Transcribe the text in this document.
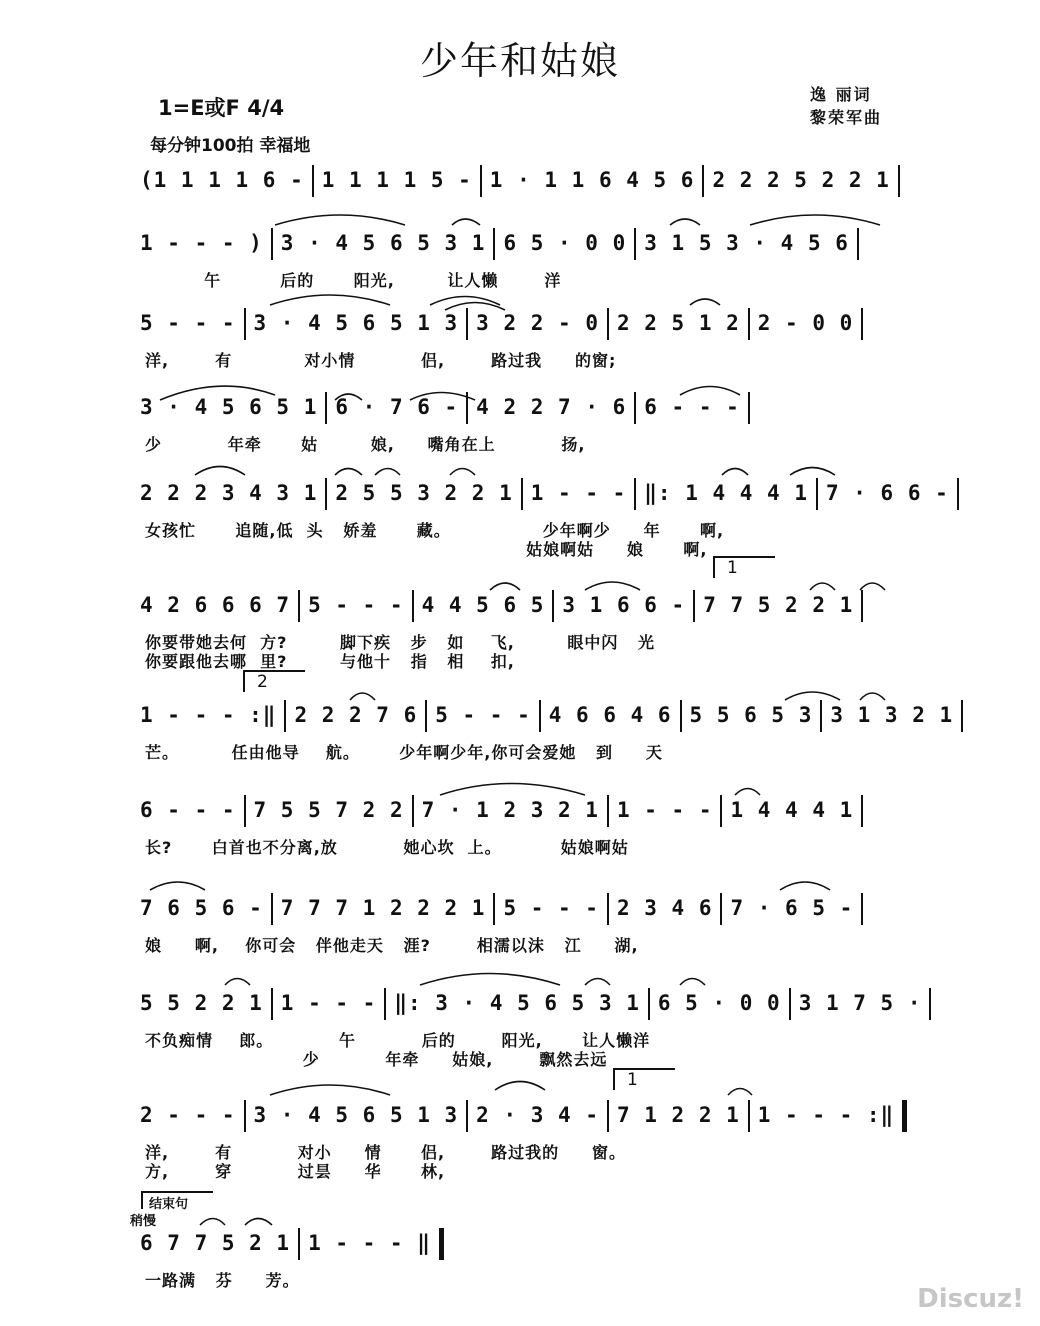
少年和姑娘
1=E或F 4/4
每分钟100拍 幸福地
逸 丽词
黎荣军曲
(1 1 1 1 6 - 1 1 1 1 5 - 1 · 1 1 6 4 5 6 2 2 2 5 2 2 1
1 - - - ) 3 · 4 5 6 5 3 1 6 5 · 0 0 3 1 5 3 · 4 5 6
午         后的      阳光,        让人懒       洋
5 - - - 3 · 4 5 6 5 1 3 3 2 2 - 0 2 2 5 1 2 2 - 0 0
洋,       有           对小情          侣,       路过我     的窗;
3 · 4 5 6 5 1 6 · 7 6 - 4 2 2 7 · 6 6 - - -
少          年牵      姑        娘,     嘴角在上          扬,
2 2 2 3 4 3 1 2 5 5 3 2 2 1 1 - - - ‖: 1 4 4 4 1 7 · 6 6 -
女孩忙      追随,低  头   娇羞      藏。              少年啊少     年      啊,
姑娘啊姑     娘      啊,
4 2 6 6 6 7 5 - - - 4 4 5 6 5 3 1 6 6 - 7 7 5 2 2 1
你要带她去何  方?        脚下疾   步   如    飞,        眼中闪   光
你要跟他去哪  里?        与他十   指   相    扣,
1 - - - :‖ 2 2 2 7 6 5 - - - 4 6 6 4 6 5 5 6 5 3 3 1 3 2 1
芒。        任由他导    航。      少年啊少年,你可会爱她   到     天
6 - - - 7 5 5 7 2 2 7 · 1 2 3 2 1 1 - - - 1 4 4 4 1
长?      白首也不分离,放          她心坎  上。         姑娘啊姑
7 6 5 6 - 7 7 7 1 2 2 2 1 5 - - - 2 3 4 6 7 · 6 5 -
娘     啊,    你可会   伴他走天   涯?       相濡以沫   江     湖,
5 5 2 2 1 1 - - - ‖: 3 · 4 5 6 5 3 1 6 5 · 0 0 3 1 7 5 ·
不负痴情    郎。          午          后的       阳光,      让人懒洋
少          年牵     姑娘,       飘然去远
2 - - - 3 · 4 5 6 5 1 3 2 · 3 4 - 7 1 2 2 1 1 - - - :‖
洋,       有          对小     情      侣,       路过我的     窗。
方,       穿          过昙     华      林,
6 7 7 5 2 1 1 - - - ‖
一路满   芬     芳。
1
2
1
结束句
稍慢
Discuz!
